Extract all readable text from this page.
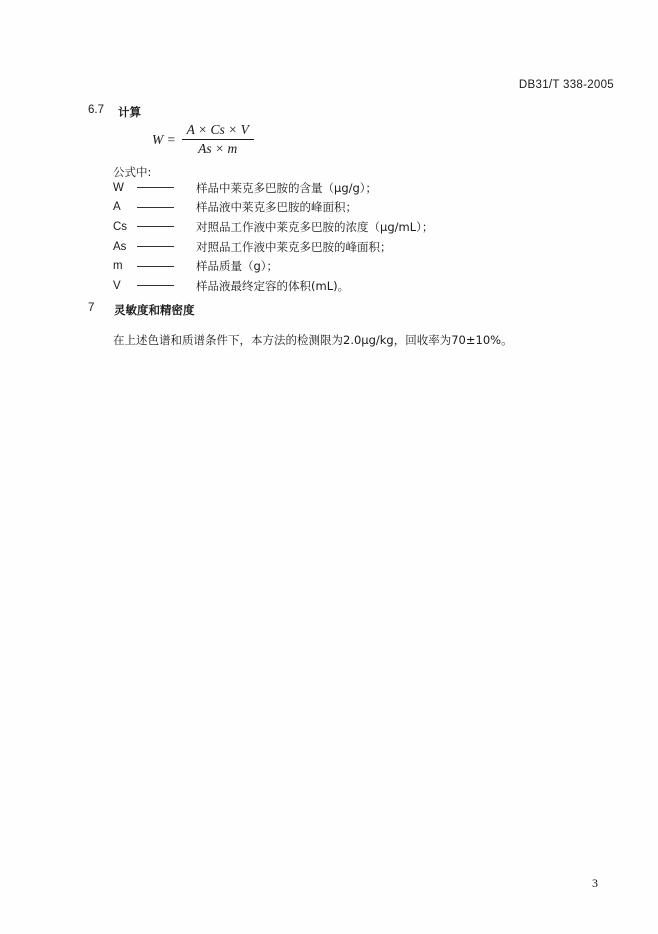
DB31/T 338-2005
6.7	计算
$W = \frac{A \times Cs \times V}{As \times m}$
公式中:
W	样品中莱克多巴胺的含量（μg/g）；
A	样品液中莱克多巴胺的峰面积；
Cs	对照品工作液中莱克多巴胺的浓度（μg/mL）；
As	对照品工作液中莱克多巴胺的峰面积；
m	样品质量（g）；
V	样品液最终定容的体积(mL)。
7	灵敏度和精密度
在上述色谱和质谱条件下，本方法的检测限为2.0μg/kg，回收率为70±10%。
3
